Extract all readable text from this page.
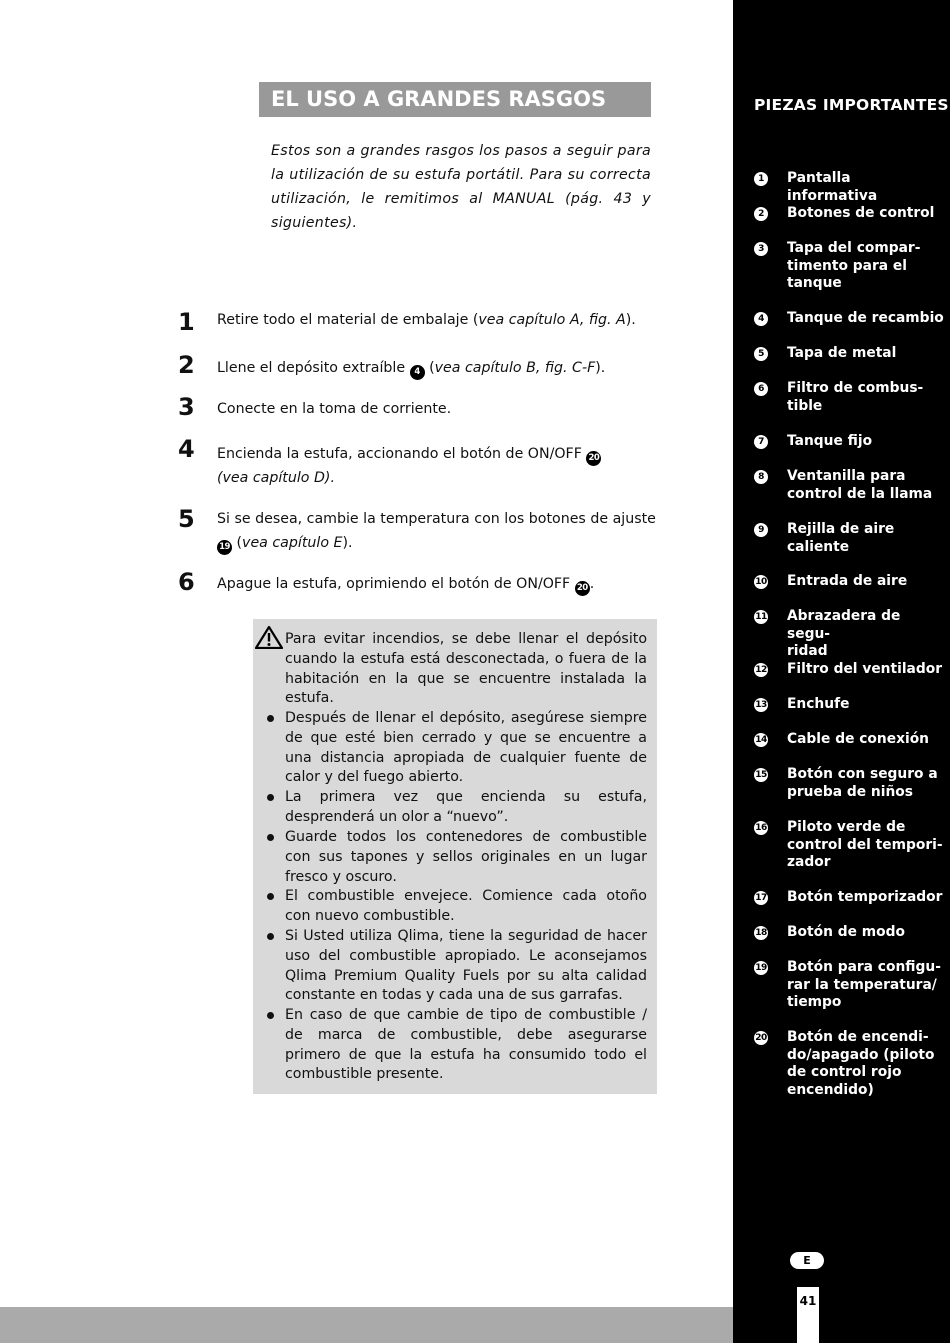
EL USO A GRANDES RASGOS
Estos son a grandes rasgos los pasos a seguir para la utilización de su estufa portátil. Para su correcta utilización, le remitimos al MANUAL (pág. 43 y siguientes).
1 Retire todo el material de embalaje (vea capítulo A, fig. A).
2 Llene el depósito extraíble 4 (vea capítulo B, fig. C-F).
3 Conecte en la toma de corriente.
4 Encienda la estufa, accionando el botón de ON/OFF 20
(vea capítulo D).
5 Si se desea, cambie la temperatura con los botones de ajuste
19 (vea capítulo E).
6 Apague la estufa, oprimiendo el botón de ON/OFF 20 .
Para evitar incendios, se debe llenar el depósito cuando la estufa está desconectada, o fuera de la habitación en la que se encuentre instalada la estufa.
Después de llenar el depósito, asegúrese siempre de que esté bien cerrado y que se encuentre a una distancia apropiada de cualquier fuente de calor y del fuego abierto.
La primera vez que encienda su estufa, desprenderá un olor a “nuevo”.
Guarde todos los contenedores de combustible con sus tapones y sellos originales en un lugar fresco y oscuro.
El combustible envejece. Comience cada otoño con nuevo combustible.
Si Usted utiliza Qlima, tiene la seguridad de hacer uso del combustible apropiado. Le aconsejamos Qlima Premium Quality Fuels por su alta calidad constante en todas y cada una de sus garrafas.
En caso de que cambie de tipo de combustible / de marca de combustible, debe asegurarse primero de que la estufa ha consumido todo el combustible presente.
PIEZAS IMPORTANTES
1 Pantalla informativa
2 Botones de control
3 Tapa del compar-
timento para el
tanque
4 Tanque de recambio
5 Tapa de metal
6 Filtro de combus-
tible
7 Tanque fijo
8 Ventanilla para
control de la llama
9 Rejilla de aire
caliente
10 Entrada de aire
11 Abrazadera de segu-
ridad
12 Filtro del ventilador
13 Enchufe
14 Cable de conexión
15 Botón con seguro a
prueba de niños
16 Piloto verde de
control del tempori-
zador
17 Botón temporizador
18 Botón de modo
19 Botón para configu-
rar la temperatura/
tiempo
20 Botón de encendi-
do/apagado (piloto
de control rojo
encendido)
E
41
